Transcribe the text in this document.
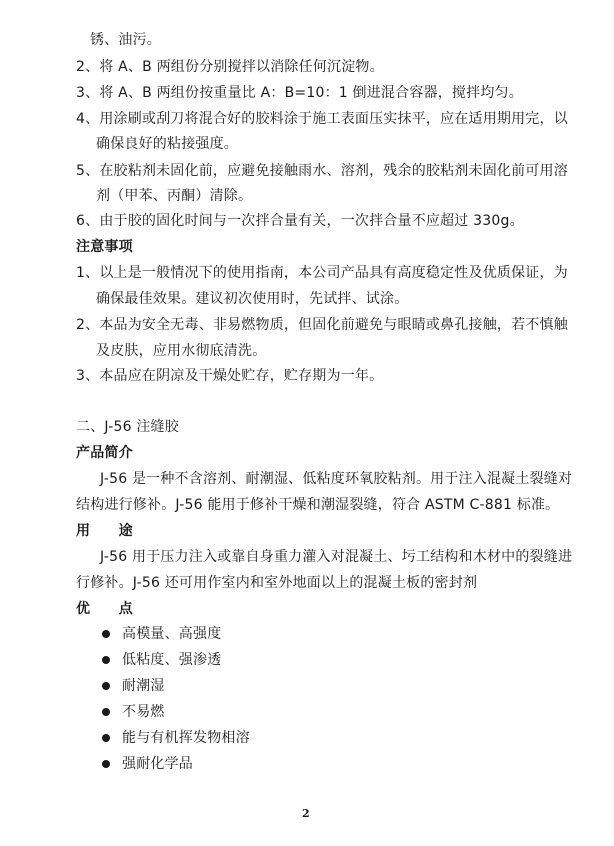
锈、油污。
2、将 A、B 两组份分别搅拌以消除任何沉淀物。
3、将 A、B 两组份按重量比 A：B=10：1 倒进混合容器，搅拌均匀。
4、用涂刷或刮刀将混合好的胶料涂于施工表面压实抹平，应在适用期用完，以
确保良好的粘接强度。
5、在胶粘剂未固化前，应避免接触雨水、溶剂，残余的胶粘剂未固化前可用溶
剂（甲苯、丙酮）清除。
6、由于胶的固化时间与一次拌合量有关，一次拌合量不应超过 330g。
注意事项
1、以上是一般情况下的使用指南，本公司产品具有高度稳定性及优质保证，为
确保最佳效果。建议初次使用时，先试拌、试涂。
2、本品为安全无毒、非易燃物质，但固化前避免与眼睛或鼻孔接触，若不慎触
及皮肤，应用水彻底清洗。
3、本品应在阴凉及干燥处贮存，贮存期为一年。
二、J-56 注缝胶
产品简介
J-56 是一种不含溶剂、耐潮湿、低粘度环氧胶粘剂。用于注入混凝土裂缝对
结构进行修补。J-56 能用于修补干燥和潮湿裂缝，符合 ASTM C-881 标准。
用　　途
J-56 用于压力注入或靠自身重力灌入对混凝土、圬工结构和木材中的裂缝进
行修补。J-56 还可用作室内和室外地面以上的混凝土板的密封剂
优　　点
高模量、高强度
低粘度、强渗透
耐潮湿
不易燃
能与有机挥发物相溶
强耐化学品
2
